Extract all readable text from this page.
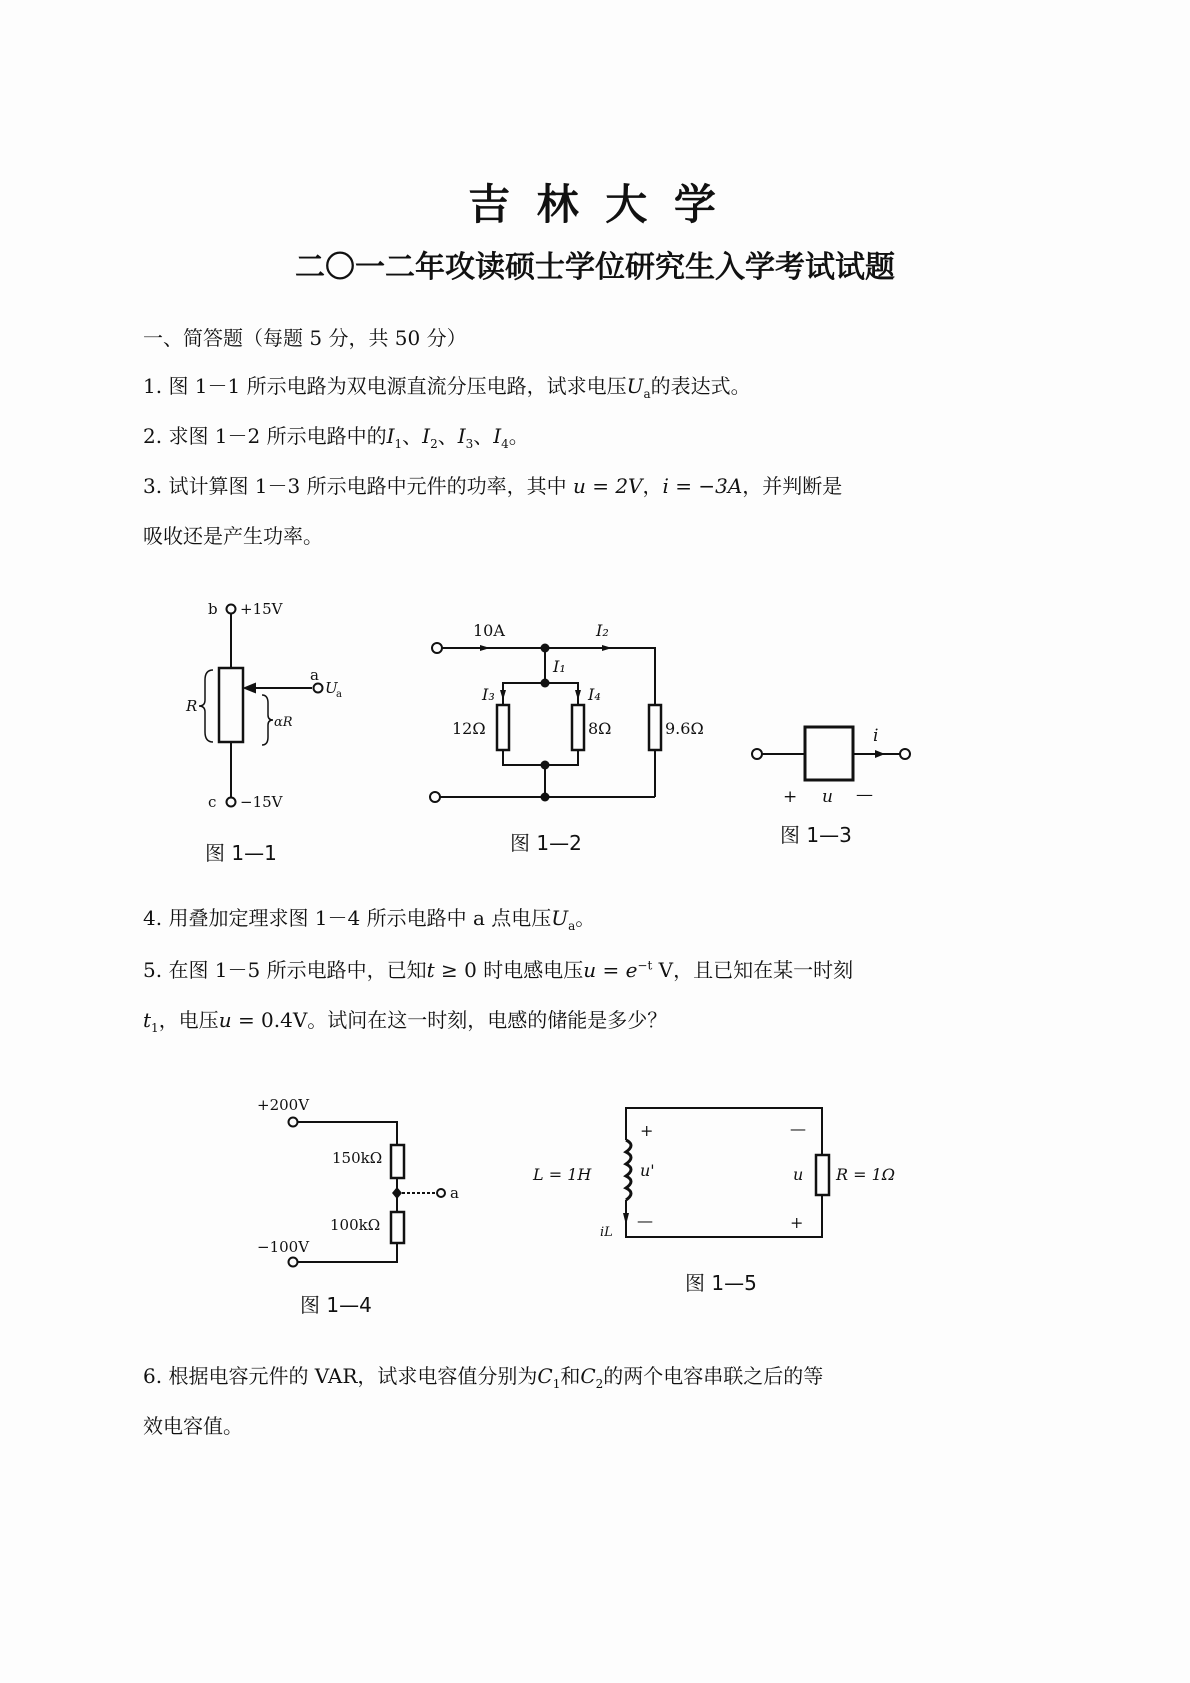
吉 林 大 学
二〇一二年攻读硕士学位研究生入学考试试题
一、简答题（每题 5 分，共 50 分）
1. 图 1－1 所示电路为双电源直流分压电路，试求电压$U_a$的表达式。
2. 求图 1－2 所示电路中的$I_1$、$I_2$、$I_3$、$I_4$。
3. 试计算图 1－3 所示电路中元件的功率，其中 u = 2V，i = −3A，并判断是
吸收还是产生功率。
4. 用叠加定理求图 1－4 所示电路中 a 点电压$U_a$。
5. 在图 1－5 所示电路中，已知t ≥ 0 时电感电压$u = e^{-t}$ V，且已知在某一时刻
$t_1$，电压u = 0.4V。试问在这一时刻，电感的储能是多少？
6. 根据电容元件的 VAR，试求电容值分别为$C_1$和$C_2$的两个电容串联之后的等
效电容值。
b +15V
c −15V
a
U
a
R
αR
图 1—1
10A	I₂
I₁
I₃	I₄
12Ω	8Ω	9.6Ω
图 1—2
i
+ u —
图 1—3
+200V
150kΩ
a
100kΩ
−100V
图 1—4
+
—
—
+
L = 1H	u'	u R = 1Ω
iL
图 1—5
